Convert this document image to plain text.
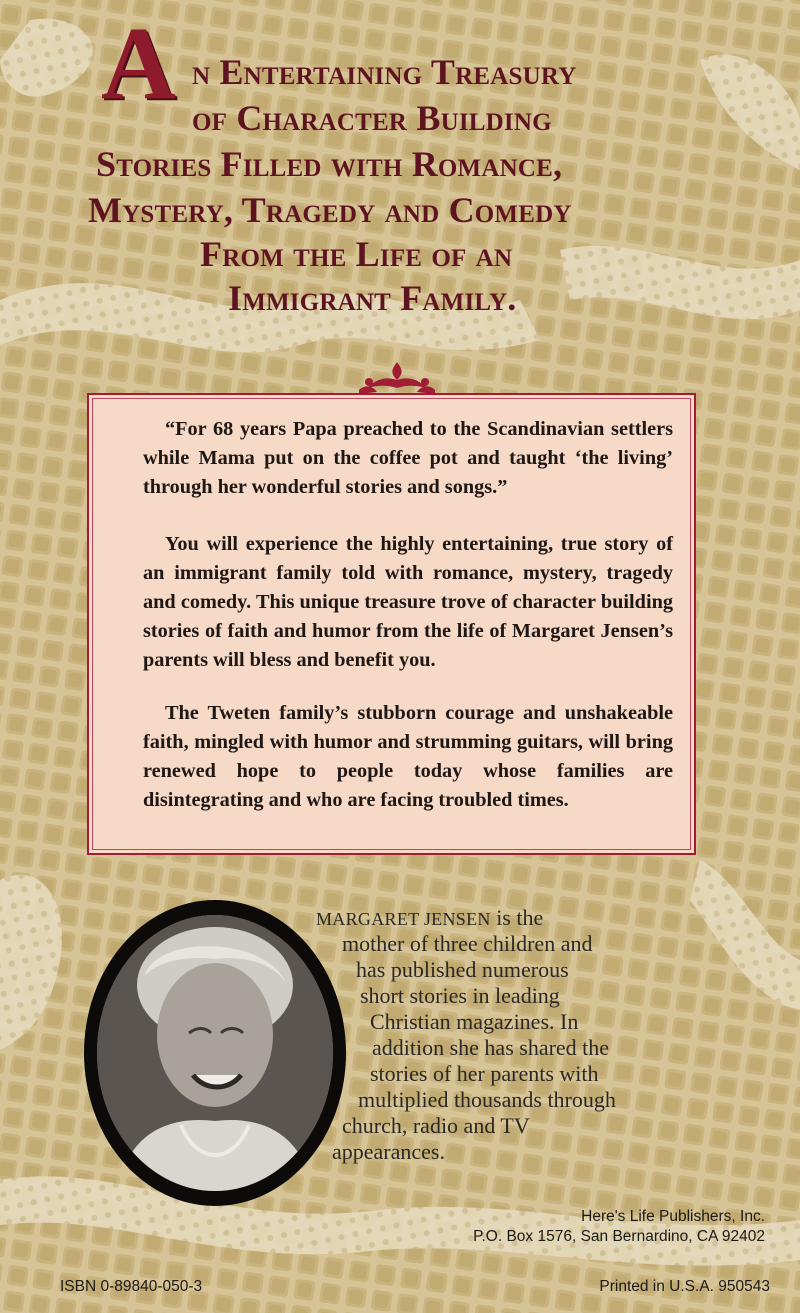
A n Entertaining Treasury
of Character Building
Stories Filled with Romance,
Mystery, Tragedy and Comedy
From the Life of an
Immigrant Family.
“For 68 years Papa preached to the Scandinavian settlers while Mama put on the coffee pot and taught ‘the living’ through her wonderful stories and songs.”
You will experience the highly entertaining, true story of an immigrant family told with romance, mystery, tragedy and comedy. This unique treasure trove of character building stories of faith and humor from the life of Margaret Jensen’s parents will bless and benefit you.
The Tweten family’s stubborn courage and unshakeable faith, mingled with humor and strumming guitars, will bring renewed hope to people today whose families are disintegrating and who are facing troubled times.
MARGARET JENSEN is the
mother of three children and
has published numerous
short stories in leading
Christian magazines. In
addition she has shared the
stories of her parents with
multiplied thousands through
church, radio and TV
appearances.
Here's Life Publishers, Inc.
P.O. Box 1576, San Bernardino, CA 92402
ISBN 0-89840-050-3	Printed in U.S.A. 950543
